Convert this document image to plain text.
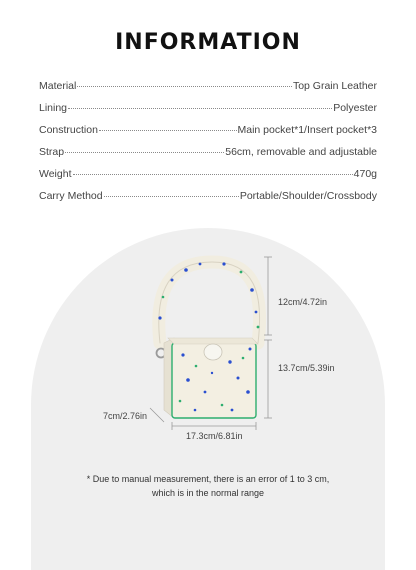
INFORMATION
Material	Top Grain Leather
Lining	Polyester
Construction	Main pocket*1/Insert pocket*3
Strap	56cm, removable and adjustable
Weight	470g
Carry Method	Portable/Shoulder/Crossbody
12cm/4.72in
13.7cm/5.39in
7cm/2.76in
17.3cm/6.81in
* Due to manual measurement, there is an error of 1 to 3 cm,
which is in the normal range
